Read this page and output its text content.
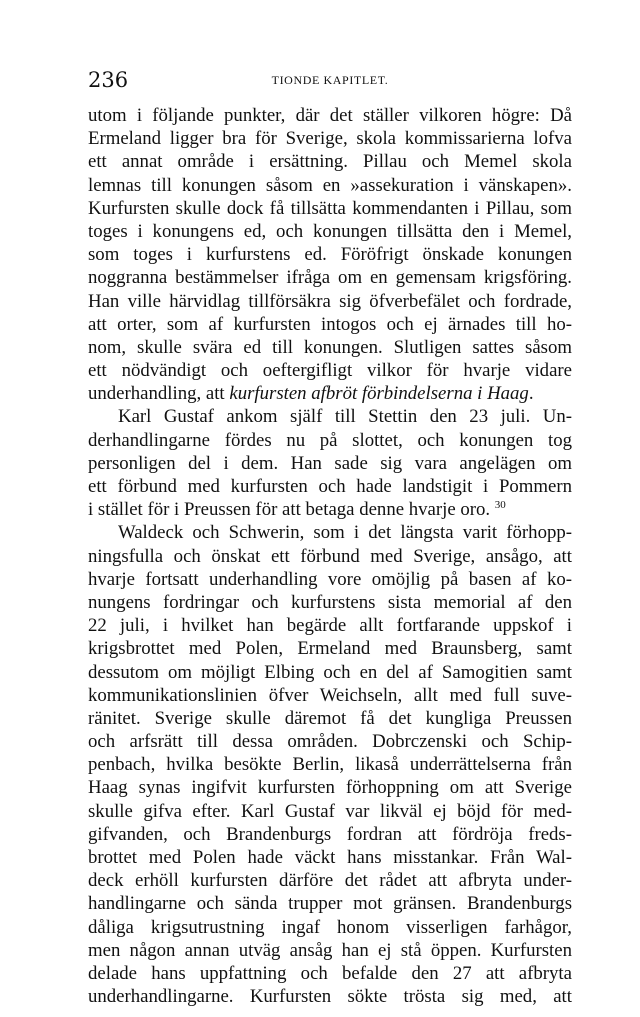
236	TIONDE KAPITLET.
utom i följande punkter, där det ställer vilkoren högre: Då
Ermeland ligger bra för Sverige, skola kommissarierna lofva
ett annat område i ersättning. Pillau och Memel skola
lemnas till konungen såsom en »assekuration i vänskapen».
Kurfursten skulle dock få tillsätta kommendanten i Pillau, som
toges i konungens ed, och konungen tillsätta den i Memel,
som toges i kurfurstens ed. Föröfrigt önskade konungen
noggranna bestämmelser ifråga om en gemensam krigsföring.
Han ville härvidlag tillförsäkra sig öfverbefälet och fordrade,
att orter, som af kurfursten intogos och ej ärnades till ho-
nom, skulle svära ed till konungen. Slutligen sattes såsom
ett nödvändigt och oeftergifligt vilkor för hvarje vidare
underhandling, att kurfursten afbröt förbindelserna i Haag.
Karl Gustaf ankom själf till Stettin den 23 juli. Un-
derhandlingarne fördes nu på slottet, och konungen tog
personligen del i dem. Han sade sig vara angelägen om
ett förbund med kurfursten och hade landstigit i Pommern
i stället för i Preussen för att betaga denne hvarje oro. $^{30}$
Waldeck och Schwerin, som i det längsta varit förhopp-
ningsfulla och önskat ett förbund med Sverige, ansågo, att
hvarje fortsatt underhandling vore omöjlig på basen af ko-
nungens fordringar och kurfurstens sista memorial af den
22 juli, i hvilket han begärde allt fortfarande uppskof i
krigsbrottet med Polen, Ermeland med Braunsberg, samt
dessutom om möjligt Elbing och en del af Samogitien samt
kommunikationslinien öfver Weichseln, allt med full suve-
ränitet. Sverige skulle däremot få det kungliga Preussen
och arfsrätt till dessa områden. Dobrczenski och Schip-
penbach, hvilka besökte Berlin, likaså underrättelserna från
Haag synas ingifvit kurfursten förhoppning om att Sverige
skulle gifva efter. Karl Gustaf var likväl ej böjd för med-
gifvanden, och Brandenburgs fordran att fördröja freds-
brottet med Polen hade väckt hans misstankar. Från Wal-
deck erhöll kurfursten därföre det rådet att afbryta under-
handlingarne och sända trupper mot gränsen. Brandenburgs
dåliga krigsutrustning ingaf honom visserligen farhågor,
men någon annan utväg ansåg han ej stå öppen. Kurfursten
delade hans uppfattning och befalde den 27 att afbryta
underhandlingarne. Kurfursten sökte trösta sig med, att
